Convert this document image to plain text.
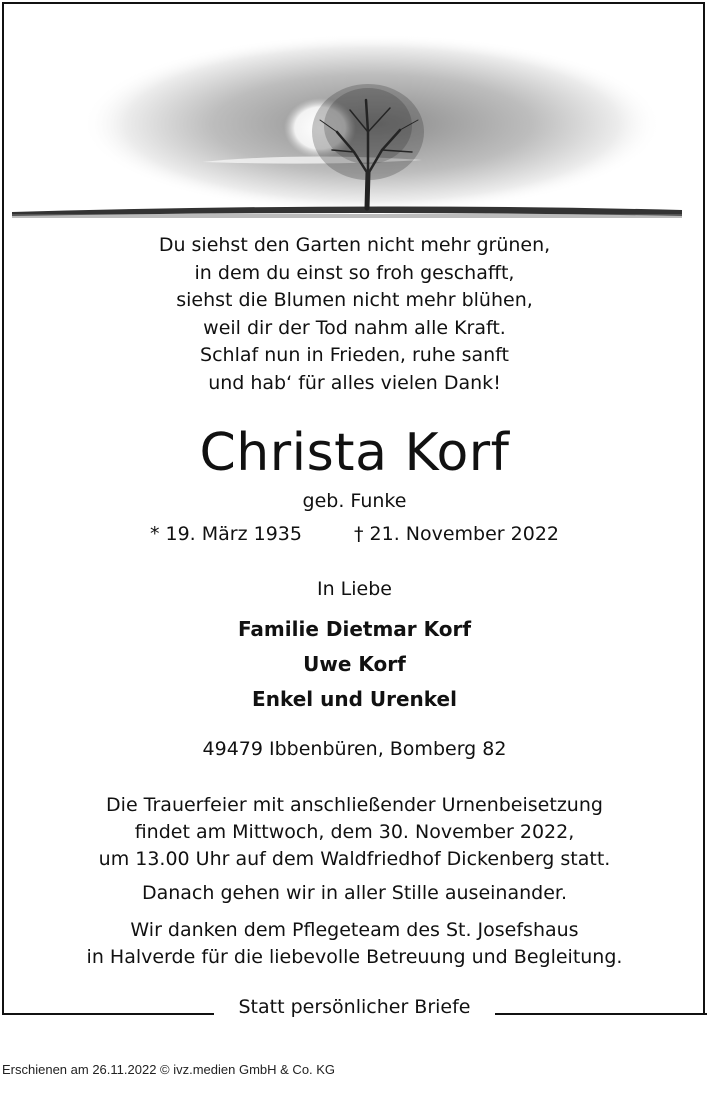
Du siehst den Garten nicht mehr grünen,

in dem du einst so froh geschafft,

siehst die Blumen nicht mehr blühen,

weil dir der Tod nahm alle Kraft.

Schlaf nun in Frieden, ruhe sanft

und hab‘ für alles vielen Dank!

Christa Korf
geb. Funke
* 19. März 1935	† 21. November 2022
In Liebe

Familie Dietmar Korf

Uwe Korf

Enkel und Urenkel

49479 Ibbenbüren, Bomberg 82

Die Trauerfeier mit anschließender Urnenbeisetzung

findet am Mittwoch, dem 30. November 2022,

um 13.00 Uhr auf dem Waldfriedhof Dickenberg statt.

Danach gehen wir in aller Stille auseinander.

Wir danken dem Pflegeteam des St. Josefshaus

in Halverde für die liebevolle Betreuung und Begleitung.

Statt persönlicher Briefe
Erschienen am 26.11.2022 © ivz.medien GmbH & Co. KG
